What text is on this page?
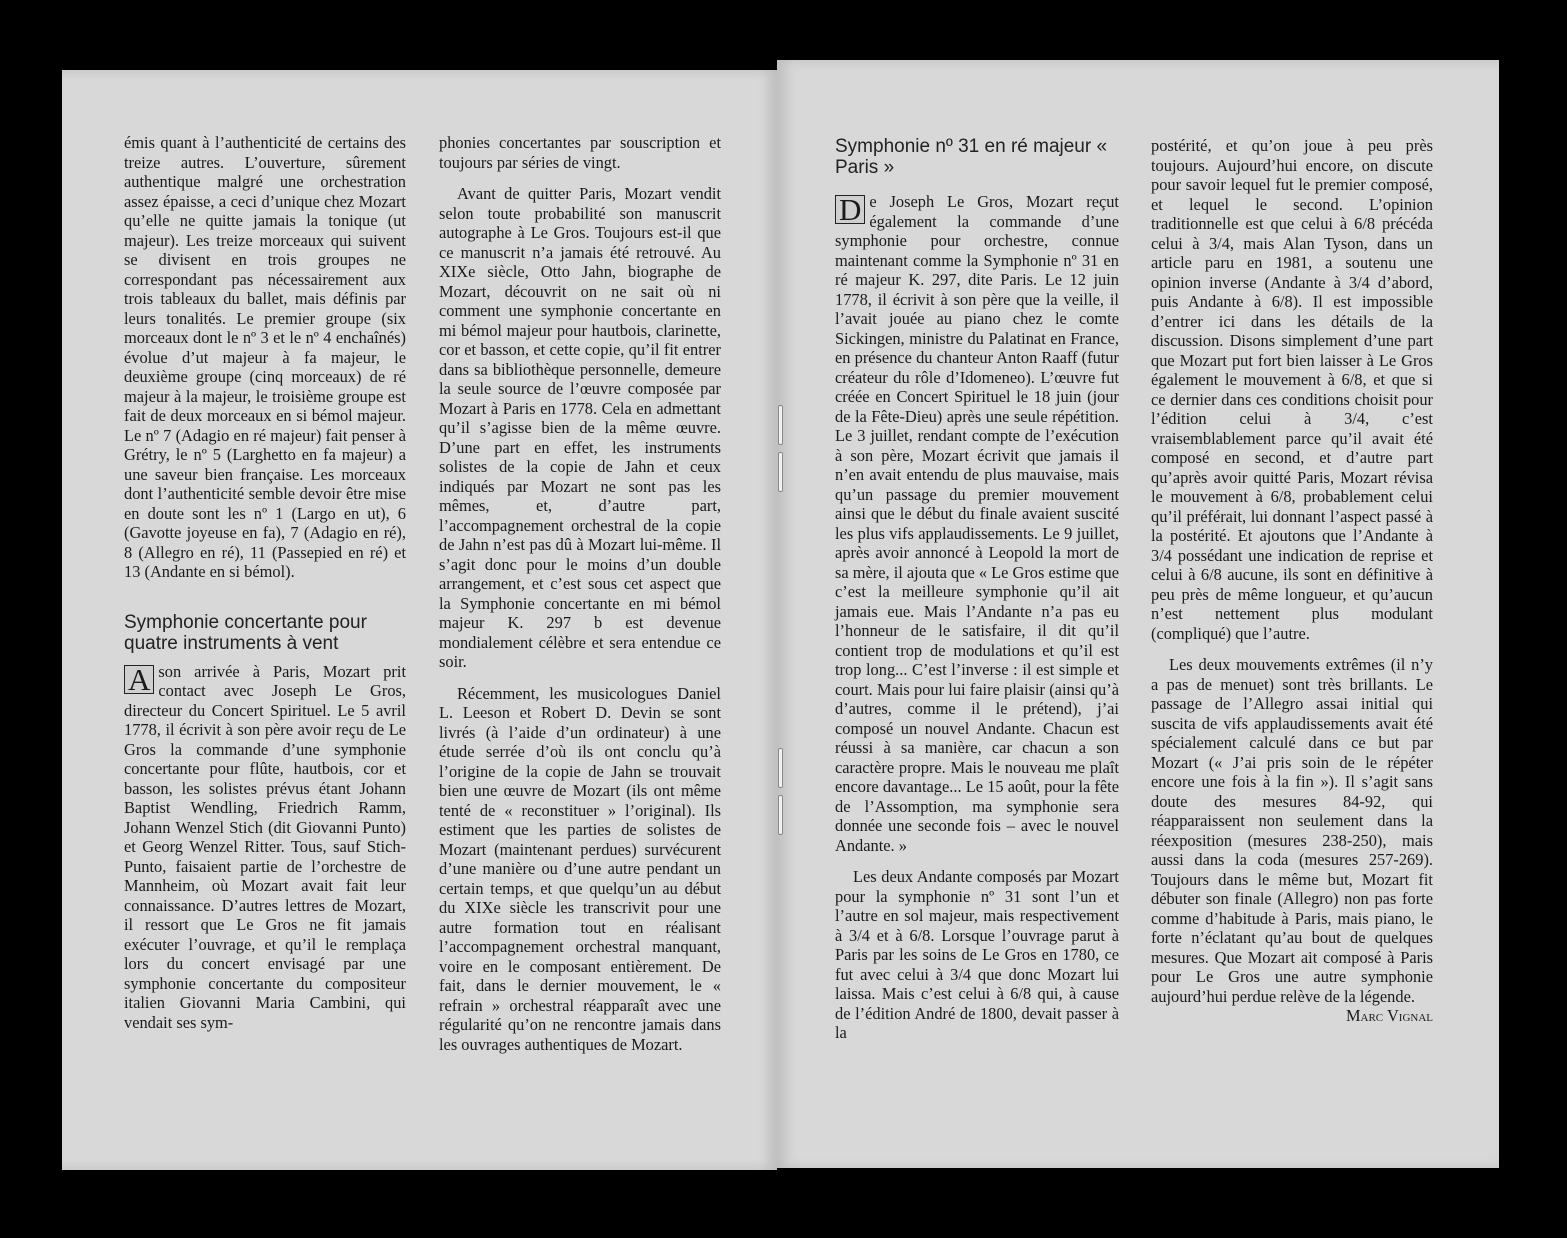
émis quant à l’authenticité de certains des treize autres. L’ouverture, sûrement authentique malgré une orchestration assez épaisse, a ceci d’unique chez Mozart qu’elle ne quitte jamais la tonique (ut majeur). Les treize morceaux qui suivent se divisent en trois groupes ne correspondant pas nécessairement aux trois tableaux du ballet, mais définis par leurs tonalités. Le premier groupe (six morceaux dont le nº 3 et le nº 4 enchaînés) évolue d’ut majeur à fa majeur, le deuxième groupe (cinq morceaux) de ré majeur à la majeur, le troisième groupe est fait de deux morceaux en si bémol majeur. Le nº 7 (Adagio en ré majeur) fait penser à Grétry, le nº 5 (Larghetto en fa majeur) a une saveur bien française. Les morceaux dont l’authenticité semble devoir être mise en doute sont les nº 1 (Largo en ut), 6 (Gavotte joyeuse en fa), 7 (Adagio en ré), 8 (Allegro en ré), 11 (Passepied en ré) et 13 (Andante en si bémol).

Symphonie concertante pour quatre instruments à vent

A son arrivée à Paris, Mozart prit contact avec Joseph Le Gros, directeur du Concert Spirituel. Le 5 avril 1778, il écrivit à son père avoir reçu de Le Gros la commande d’une symphonie concertante pour flûte, hautbois, cor et basson, les solistes prévus étant Johann Baptist Wendling, Friedrich Ramm, Johann Wenzel Stich (dit Giovanni Punto) et Georg Wenzel Ritter. Tous, sauf Stich-Punto, faisaient partie de l’orchestre de Mannheim, où Mozart avait fait leur connaissance. D’autres lettres de Mozart, il ressort que Le Gros ne fit jamais exécuter l’ouvrage, et qu’il le remplaça lors du concert envisagé par une symphonie concertante du compositeur italien Giovanni Maria Cambini, qui vendait ses sym-

phonies concertantes par souscription et toujours par séries de vingt.

Avant de quitter Paris, Mozart vendit selon toute probabilité son manuscrit autographe à Le Gros. Toujours est-il que ce manuscrit n’a jamais été retrouvé. Au XIXe siècle, Otto Jahn, biographe de Mozart, découvrit on ne sait où ni comment une symphonie concertante en mi bémol majeur pour hautbois, clarinette, cor et basson, et cette copie, qu’il fit entrer dans sa bibliothèque personnelle, demeure la seule source de l’œuvre composée par Mozart à Paris en 1778. Cela en admettant qu’il s’agisse bien de la même œuvre. D’une part en effet, les instruments solistes de la copie de Jahn et ceux indiqués par Mozart ne sont pas les mêmes, et, d’autre part, l’accompagnement orchestral de la copie de Jahn n’est pas dû à Mozart lui-même. Il s’agit donc pour le moins d’un double arrangement, et c’est sous cet aspect que la Symphonie concertante en mi bémol majeur K. 297 b est devenue mondialement célèbre et sera entendue ce soir.

Récemment, les musicologues Daniel L. Leeson et Robert D. Devin se sont livrés (à l’aide d’un ordinateur) à une étude serrée d’où ils ont conclu qu’à l’origine de la copie de Jahn se trouvait bien une œuvre de Mozart (ils ont même tenté de « reconstituer » l’original). Ils estiment que les parties de solistes de Mozart (maintenant perdues) survécurent d’une manière ou d’une autre pendant un certain temps, et que quelqu’un au début du XIXe siècle les transcrivit pour une autre formation tout en réalisant l’accompagnement orchestral manquant, voire en le composant entièrement. De fait, dans le dernier mouvement, le « refrain » orchestral réapparaît avec une régularité qu’on ne rencontre jamais dans les ouvrages authentiques de Mozart.

Symphonie nº 31 en ré majeur « Paris »

D e Joseph Le Gros, Mozart reçut également la commande d’une symphonie pour orchestre, connue maintenant comme la Symphonie nº 31 en ré majeur K. 297, dite Paris. Le 12 juin 1778, il écrivit à son père que la veille, il l’avait jouée au piano chez le comte Sickingen, ministre du Palatinat en France, en présence du chanteur Anton Raaff (futur créateur du rôle d’Idomeneo). L’œuvre fut créée en Concert Spirituel le 18 juin (jour de la Fête-Dieu) après une seule répétition. Le 3 juillet, rendant compte de l’exécution à son père, Mozart écrivit que jamais il n’en avait entendu de plus mauvaise, mais qu’un passage du premier mouvement ainsi que le début du finale avaient suscité les plus vifs applaudissements. Le 9 juillet, après avoir annoncé à Leopold la mort de sa mère, il ajouta que « Le Gros estime que c’est la meilleure symphonie qu’il ait jamais eue. Mais l’Andante n’a pas eu l’honneur de le satisfaire, il dit qu’il contient trop de modulations et qu’il est trop long... C’est l’inverse : il est simple et court. Mais pour lui faire plaisir (ainsi qu’à d’autres, comme il le prétend), j’ai composé un nouvel Andante. Chacun est réussi à sa manière, car chacun a son caractère propre. Mais le nouveau me plaît encore davantage... Le 15 août, pour la fête de l’Assomption, ma symphonie sera donnée une seconde fois – avec le nouvel Andante. »

Les deux Andante composés par Mozart pour la symphonie nº 31 sont l’un et l’autre en sol majeur, mais respectivement à 3/4 et à 6/8. Lorsque l’ouvrage parut à Paris par les soins de Le Gros en 1780, ce fut avec celui à 3/4 que donc Mozart lui laissa. Mais c’est celui à 6/8 qui, à cause de l’édition André de 1800, devait passer à la

postérité, et qu’on joue à peu près toujours. Aujourd’hui encore, on discute pour savoir lequel fut le premier composé, et lequel le second. L’opinion traditionnelle est que celui à 6/8 précéda celui à 3/4, mais Alan Tyson, dans un article paru en 1981, a soutenu une opinion inverse (Andante à 3/4 d’abord, puis Andante à 6/8). Il est impossible d’entrer ici dans les détails de la discussion. Disons simplement d’une part que Mozart put fort bien laisser à Le Gros également le mouvement à 6/8, et que si ce dernier dans ces conditions choisit pour l’édition celui à 3/4, c’est vraisemblablement parce qu’il avait été composé en second, et d’autre part qu’après avoir quitté Paris, Mozart révisa le mouvement à 6/8, probablement celui qu’il préférait, lui donnant l’aspect passé à la postérité. Et ajoutons que l’Andante à 3/4 possédant une indication de reprise et celui à 6/8 aucune, ils sont en définitive à peu près de même longueur, et qu’aucun n’est nettement plus modulant (compliqué) que l’autre.

Les deux mouvements extrêmes (il n’y a pas de menuet) sont très brillants. Le passage de l’Allegro assai initial qui suscita de vifs applaudissements avait été spécialement calculé dans ce but par Mozart (« J’ai pris soin de le répéter encore une fois à la fin »). Il s’agit sans doute des mesures 84-92, qui réapparaissent non seulement dans la réexposition (mesures 238-250), mais aussi dans la coda (mesures 257-269). Toujours dans le même but, Mozart fit débuter son finale (Allegro) non pas forte comme d’habitude à Paris, mais piano, le forte n’éclatant qu’au bout de quelques mesures. Que Mozart ait composé à Paris pour Le Gros une autre symphonie aujourd’hui perdue relève de la légende.

Marc Vignal
